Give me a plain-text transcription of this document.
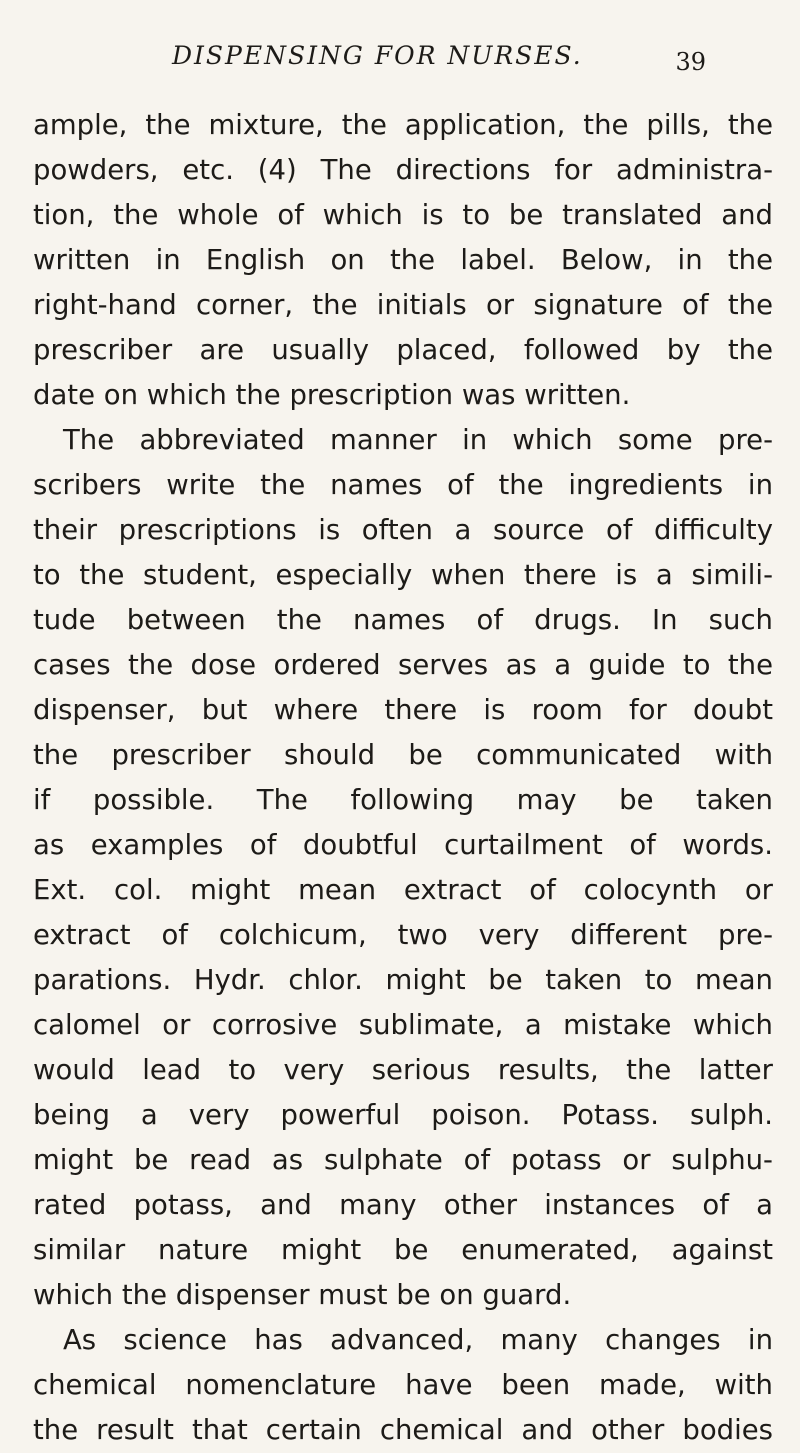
DISPENSING FOR NURSES.	39
ample, the mixture, the application, the pills, the
powders, etc. (4) The directions for administra-
tion, the whole of which is to be translated and
written in English on the label. Below, in the
right-hand corner, the initials or signature of the
prescriber are usually placed, followed by the
date on which the prescription was written.
The abbreviated manner in which some pre-
scribers write the names of the ingredients in
their prescriptions is often a source of difficulty
to the student, especially when there is a simili-
tude between the names of drugs. In such
cases the dose ordered serves as a guide to the
dispenser, but where there is room for doubt
the prescriber should be communicated with
if possible. The following may be taken
as examples of doubtful curtailment of words.
Ext. col. might mean extract of colocynth or
extract of colchicum, two very different pre-
parations. Hydr. chlor. might be taken to mean
calomel or corrosive sublimate, a mistake which
would lead to very serious results, the latter
being a very powerful poison. Potass. sulph.
might be read as sulphate of potass or sulphu-
rated potass, and many other instances of a
similar nature might be enumerated, against
which the dispenser must be on guard.
As science has advanced, many changes in
chemical nomenclature have been made, with
the result that certain chemical and other bodies
